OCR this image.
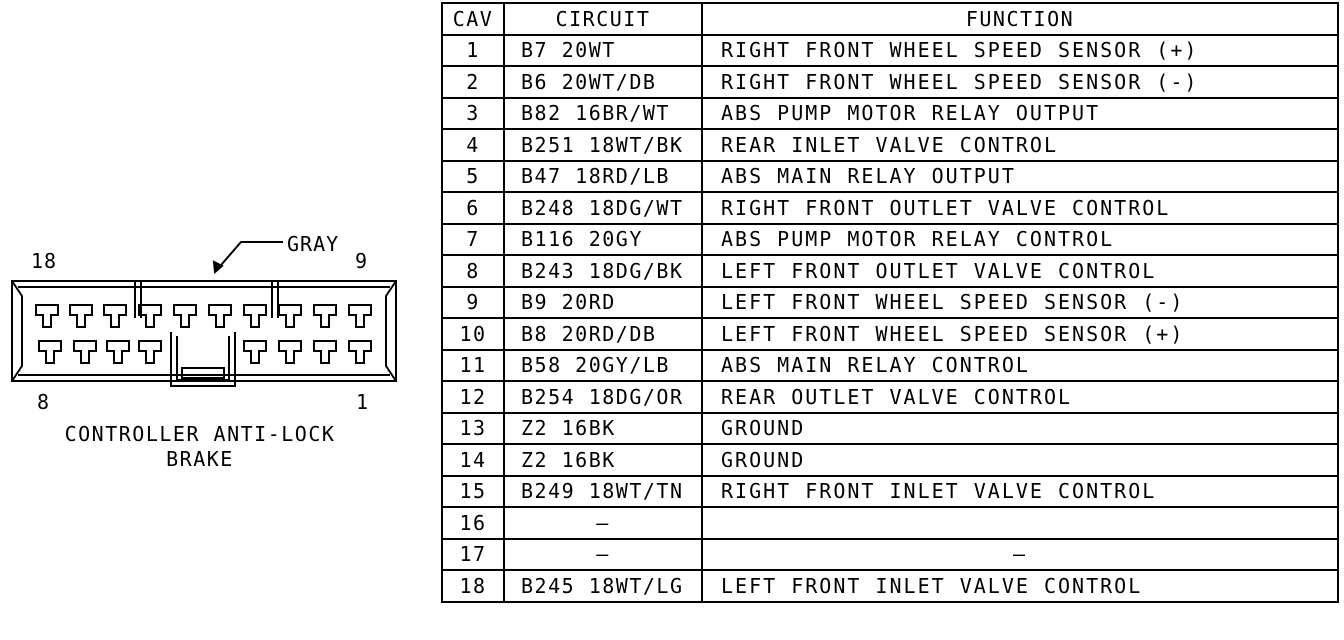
GRAY
18	9
8	1
CONTROLLER ANTI-LOCK
BRAKE
CAV	CIRCUIT	FUNCTION
1	B7 20WT	RIGHT FRONT WHEEL SPEED SENSOR (+)
2	B6 20WT/DB	RIGHT FRONT WHEEL SPEED SENSOR (-)
3	B82 16BR/WT	ABS PUMP MOTOR RELAY OUTPUT
4	B251 18WT/BK	REAR INLET VALVE CONTROL
5	B47 18RD/LB	ABS MAIN RELAY OUTPUT
6	B248 18DG/WT	RIGHT FRONT OUTLET VALVE CONTROL
7	B116 20GY	ABS PUMP MOTOR RELAY CONTROL
8	B243 18DG/BK	LEFT FRONT OUTLET VALVE CONTROL
9	B9 20RD	LEFT FRONT WHEEL SPEED SENSOR (-)
10	B8 20RD/DB	LEFT FRONT WHEEL SPEED SENSOR (+)
11	B58 20GY/LB	ABS MAIN RELAY CONTROL
12	B254 18DG/OR	REAR OUTLET VALVE CONTROL
13	Z2 16BK	GROUND
14	Z2 16BK	GROUND
15	B249 18WT/TN	RIGHT FRONT INLET VALVE CONTROL
16	—	
17	—	—
18	B245 18WT/LG	LEFT FRONT INLET VALVE CONTROL
